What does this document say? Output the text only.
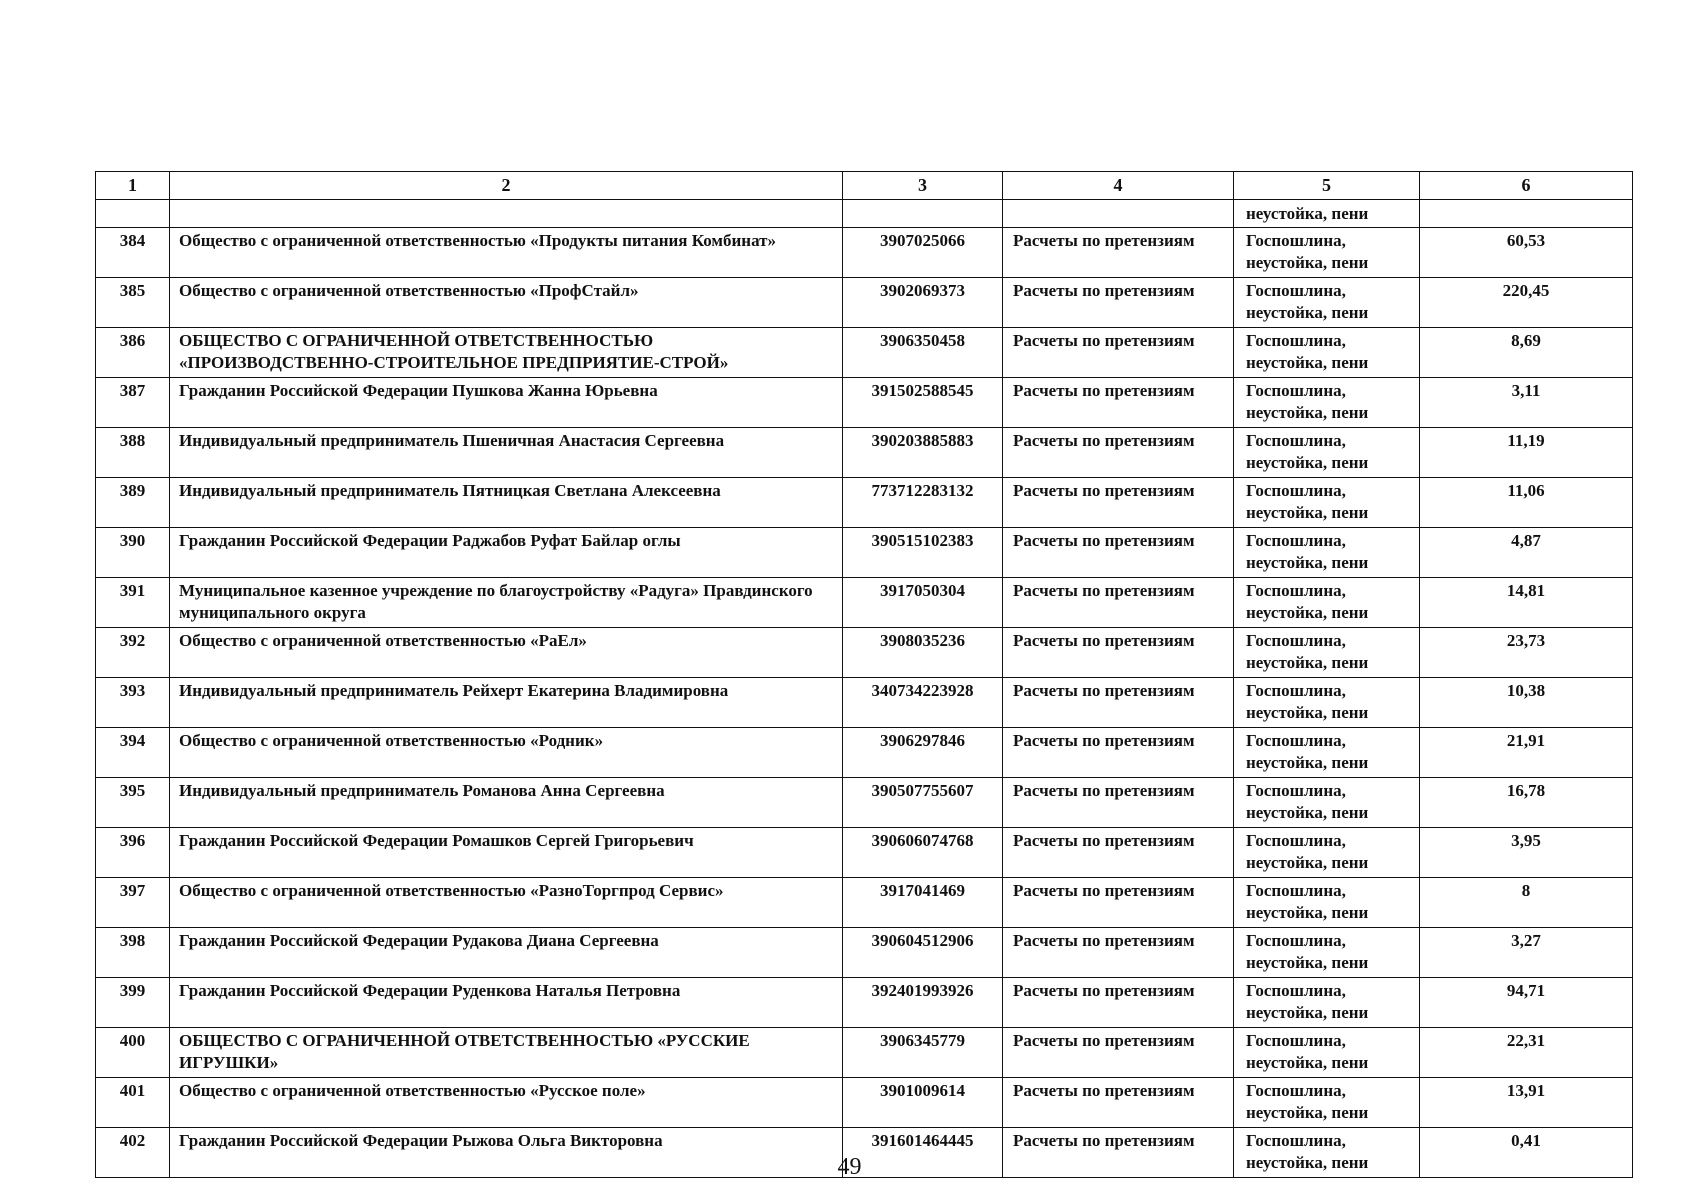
1	2	3	4	5	6
				неустойка, пени	
384	Общество с ограниченной ответственностью «Продукты питания Комбинат»	3907025066	Расчеты по претензиям	Госпошлина, неустойка, пени	60,53
385	Общество с ограниченной ответственностью «ПрофСтайл»	3902069373	Расчеты по претензиям	Госпошлина, неустойка, пени	220,45
386	ОБЩЕСТВО С ОГРАНИЧЕННОЙ ОТВЕТСТВЕННОСТЬЮ «ПРОИЗВОДСТВЕННО-СТРОИТЕЛЬНОЕ ПРЕДПРИЯТИЕ-СТРОЙ»	3906350458	Расчеты по претензиям	Госпошлина, неустойка, пени	8,69
387	Гражданин Российской Федерации Пушкова Жанна Юрьевна	391502588545	Расчеты по претензиям	Госпошлина, неустойка, пени	3,11
388	Индивидуальный предприниматель Пшеничная Анастасия Сергеевна	390203885883	Расчеты по претензиям	Госпошлина, неустойка, пени	11,19
389	Индивидуальный предприниматель Пятницкая Светлана Алексеевна	773712283132	Расчеты по претензиям	Госпошлина, неустойка, пени	11,06
390	Гражданин Российской Федерации Раджабов Руфат Байлар оглы	390515102383	Расчеты по претензиям	Госпошлина, неустойка, пени	4,87
391	Муниципальное казенное учреждение по благоустройству «Радуга» Правдинского муниципального округа	3917050304	Расчеты по претензиям	Госпошлина, неустойка, пени	14,81
392	Общество с ограниченной ответственностью «РаЕл»	3908035236	Расчеты по претензиям	Госпошлина, неустойка, пени	23,73
393	Индивидуальный предприниматель Рейхерт Екатерина Владимировна	340734223928	Расчеты по претензиям	Госпошлина, неустойка, пени	10,38
394	Общество с ограниченной ответственностью «Родник»	3906297846	Расчеты по претензиям	Госпошлина, неустойка, пени	21,91
395	Индивидуальный предприниматель Романова Анна Сергеевна	390507755607	Расчеты по претензиям	Госпошлина, неустойка, пени	16,78
396	Гражданин Российской Федерации Ромашков Сергей Григорьевич	390606074768	Расчеты по претензиям	Госпошлина, неустойка, пени	3,95
397	Общество с ограниченной ответственностью «РазноТоргпрод Сервис»	3917041469	Расчеты по претензиям	Госпошлина, неустойка, пени	8
398	Гражданин Российской Федерации Рудакова Диана Сергеевна	390604512906	Расчеты по претензиям	Госпошлина, неустойка, пени	3,27
399	Гражданин Российской Федерации Руденкова Наталья Петровна	392401993926	Расчеты по претензиям	Госпошлина, неустойка, пени	94,71
400	ОБЩЕСТВО С ОГРАНИЧЕННОЙ ОТВЕТСТВЕННОСТЬЮ «РУССКИЕ ИГРУШКИ»	3906345779	Расчеты по претензиям	Госпошлина, неустойка, пени	22,31
401	Общество с ограниченной ответственностью «Русское поле»	3901009614	Расчеты по претензиям	Госпошлина, неустойка, пени	13,91
402	Гражданин Российской Федерации Рыжова Ольга Викторовна	391601464445	Расчеты по претензиям	Госпошлина, неустойка, пени	0,41
49
